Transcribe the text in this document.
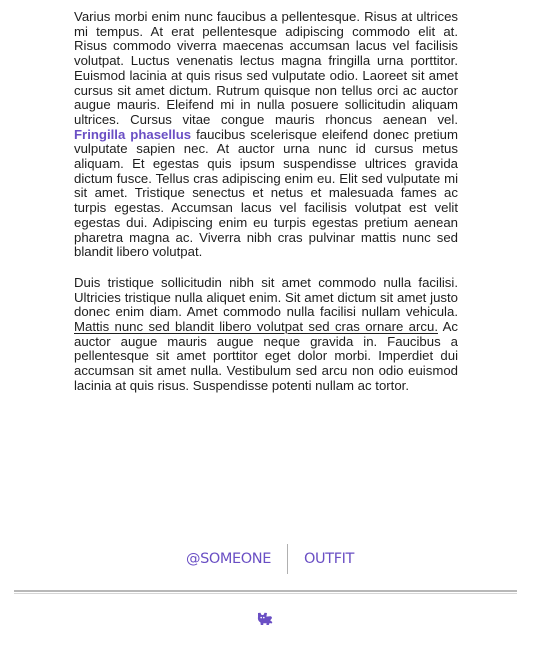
Varius morbi enim nunc faucibus a pellentesque. Risus at ultrices mi tempus. At erat pellentesque adipiscing commodo elit at. Risus commodo viverra maecenas accumsan lacus vel facilisis volutpat. Luctus venenatis lectus magna fringilla urna porttitor. Euismod lacinia at quis risus sed vulputate odio. Laoreet sit amet cursus sit amet dictum. Rutrum quisque non tellus orci ac auctor augue mauris. Eleifend mi in nulla posuere sollicitudin aliquam ultrices. Cursus vitae congue mauris rhoncus aenean vel. Fringilla phasellus faucibus scelerisque eleifend donec pretium vulputate sapien nec. At auctor urna nunc id cursus metus aliquam. Et egestas quis ipsum suspendisse ultrices gravida dictum fusce. Tellus cras adipiscing enim eu. Elit sed vulputate mi sit amet. Tristique senectus et netus et malesuada fames ac turpis egestas. Accumsan lacus vel facilisis volutpat est velit egestas dui. Adipiscing enim eu turpis egestas pretium aenean pharetra magna ac. Viverra nibh cras pulvinar mattis nunc sed blandit libero volutpat.

Duis tristique sollicitudin nibh sit amet commodo nulla facilisi. Ultricies tristique nulla aliquet enim. Sit amet dictum sit amet justo donec enim diam. Amet commodo nulla facilisi nullam vehicula. Mattis nunc sed blandit libero volutpat sed cras ornare arcu. Ac auctor augue mauris augue neque gravida in. Faucibus a pellentesque sit amet porttitor eget dolor morbi. Imperdiet dui accumsan sit amet nulla. Vestibulum sed arcu non odio euismod lacinia at quis risus. Suspendisse potenti nullam ac tortor.

@SOMEONE OUTFIT
